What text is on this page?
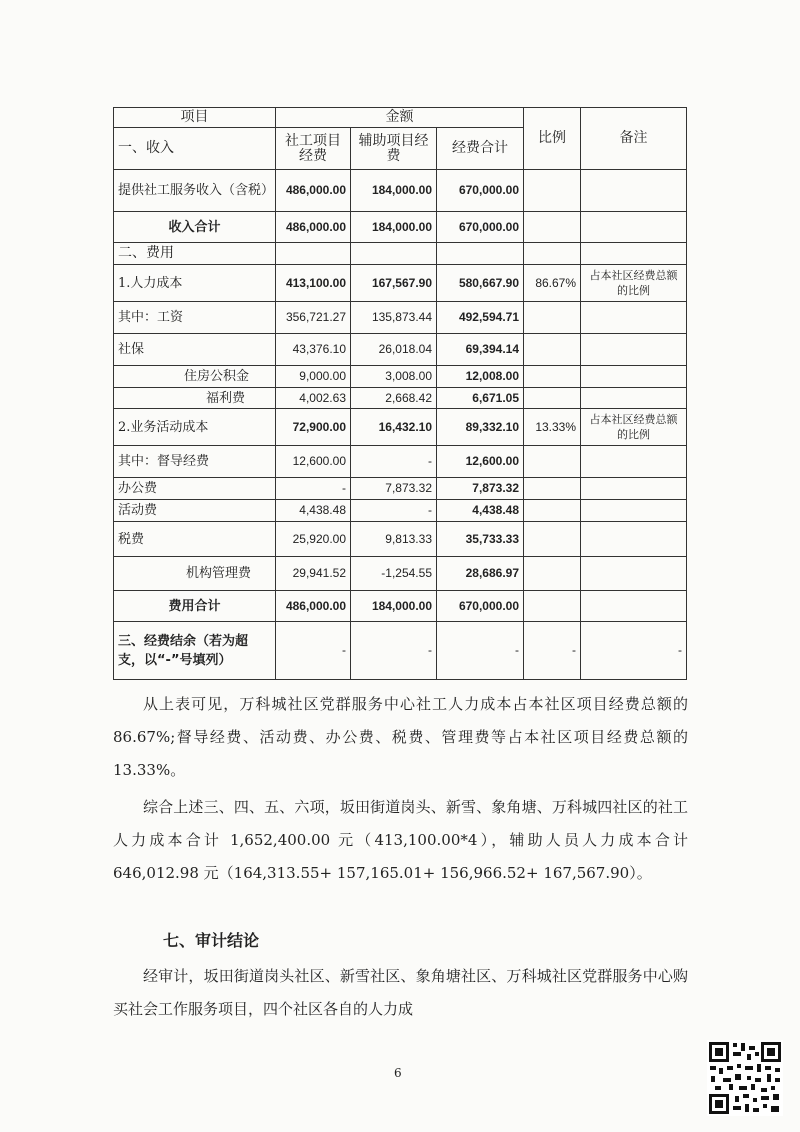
项目	金额			比例	备注
一、收入	社工项目经费	辅助项目经费	经费合计		
提供社工服务收入（含税）	486,000.00	184,000.00	670,000.00		
收入合计	486,000.00	184,000.00	670,000.00		
二、费用					
1.人力成本	413,100.00	167,567.90	580,667.90	86.67%	占本社区经费总额的比例
其中：工资	356,721.27	135,873.44	492,594.71		
社保	43,376.10	26,018.04	69,394.14		
住房公积金	9,000.00	3,008.00	12,008.00		
福利费	4,002.63	2,668.42	6,671.05		
2.业务活动成本	72,900.00	16,432.10	89,332.10	13.33%	占本社区经费总额的比例
其中：督导经费	12,600.00	-	12,600.00		
办公费	-	7,873.32	7,873.32		
活动费	4,438.48	-	4,438.48		
税费	25,920.00	9,813.33	35,733.33		
机构管理费	29,941.52	-1,254.55	28,686.97		
费用合计	486,000.00	184,000.00	670,000.00		
三、经费结余（若为超支，以“-”号填列）	-	-	-	-	-

从上表可见，万科城社区党群服务中心社工人力成本占本社区项目经费总额的 86.67%;督导经费、活动费、办公费、税费、管理费等占本社区项目经费总额的 13.33%。

综合上述三、四、五、六项，坂田街道岗头、新雪、象角塘、万科城四社区的社工人力成本合计 1,652,400.00 元（413,100.00*4），辅助人员人力成本合计 646,012.98 元（164,313.55+ 157,165.01+ 156,966.52+ 167,567.90）。

七、审计结论

经审计，坂田街道岗头社区、新雪社区、象角塘社区、万科城社区党群服务中心购买社会工作服务项目，四个社区各自的人力成

6
